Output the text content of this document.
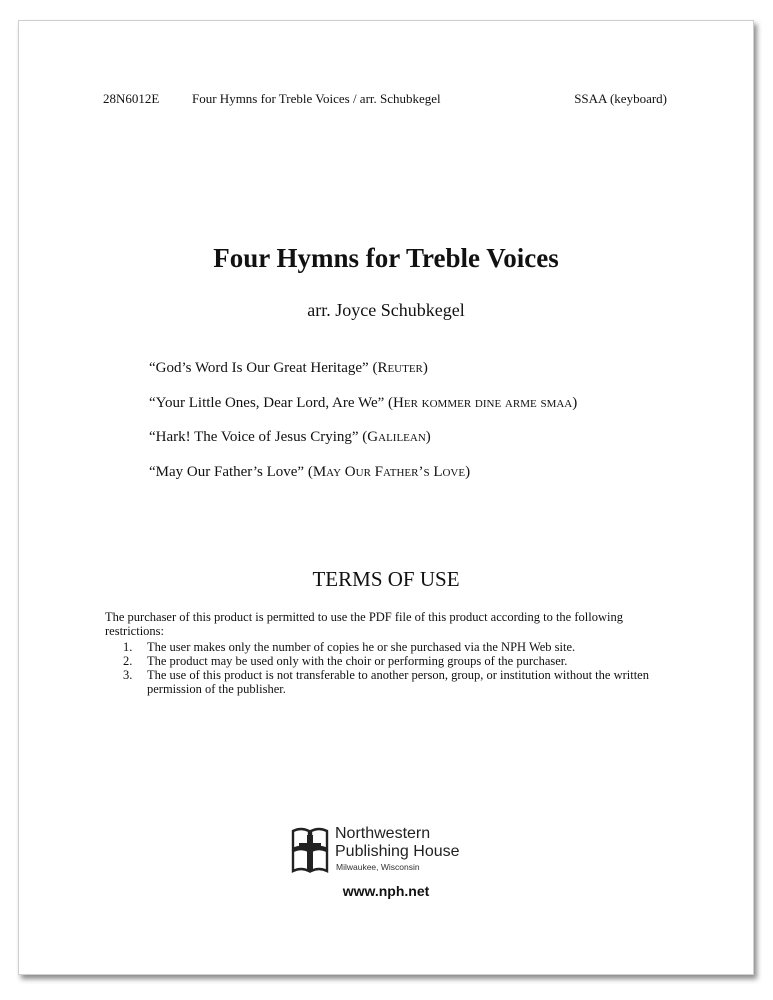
28N6012E	Four Hymns for Treble Voices / arr. Schubkegel	SSAA (keyboard)
Four Hymns for Treble Voices
arr. Joyce Schubkegel
“God’s Word Is Our Great Heritage” (Reuter)
“Your Little Ones, Dear Lord, Are We” (Her kommer dine arme smaa)
“Hark! The Voice of Jesus Crying” (Galilean)
“May Our Father’s Love” (May Our Father’s Love)
TERMS OF USE
The purchaser of this product is permitted to use the PDF file of this product according to the following restrictions:
1.	The user makes only the number of copies he or she purchased via the NPH Web site.
2.	The product may be used only with the choir or performing groups of the purchaser.
3.	The use of this product is not transferable to another person, group, or institution without the written permission of the publisher.
Northwestern
Publishing House
Milwaukee, Wisconsin
www.nph.net
